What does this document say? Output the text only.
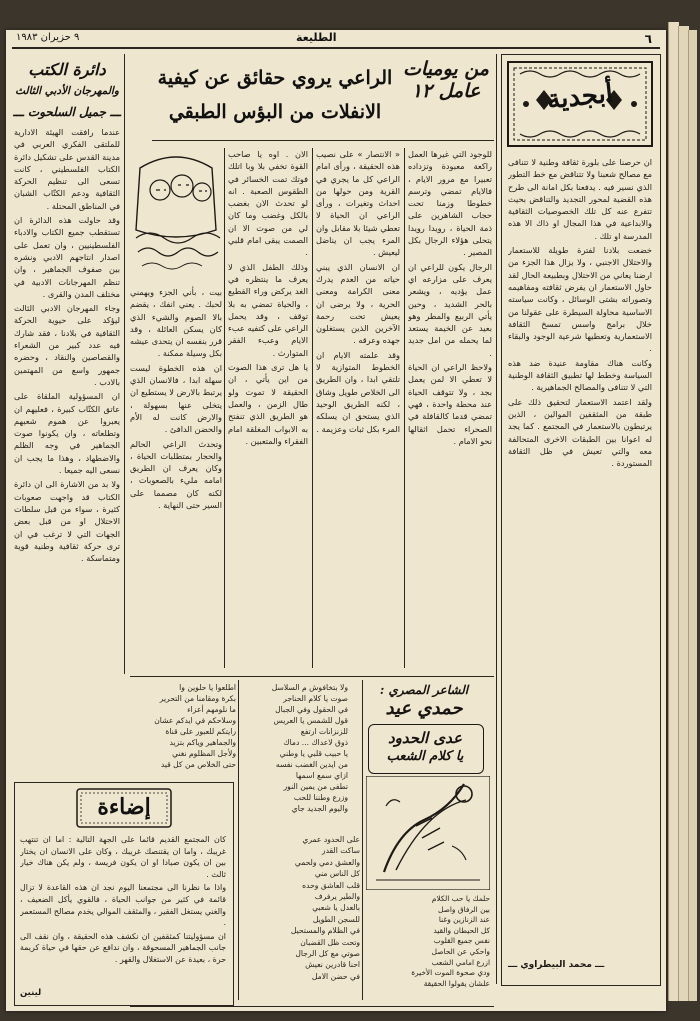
٦
الطليعة
٩ حزيران ١٩٨٣
أبجدية

ان حرصنا على بلورة ثقافة وطنية لا تتنافى مع مصالح شعبنا ولا تتناقض مع خط التطور الذي نسير فيه . يدفعنا بكل امانة الى طرح هذه القضية لمحور التجديد والتناقض بحيث تتفرع عنه كل تلك الخصوصيات الثقافية والابداعية في هذا المجال او ذاك الا هذه المدرسة او تلك .

خضعت بلادنا لفترة طويلة للاستعمار والاحتلال الاجنبي ، ولا يزال هذا الجزء من ارضنا يعاني من الاحتلال وبطبيعة الحال لقد حاول الاستعمار ان يفرض ثقافته ومفاهيمه وتصوراته بشتى الوسائل ، وكانت سياسته الاساسية محاولة السيطرة على عقولنا من خلال برامج واسس تمسخ الثقافة الاستعمارية وتعطيها شرعية الوجود والبقاء .

وكانت هناك مقاومة عنيدة ضد هذه السياسة وخطط لها تطبيق الثقافة الوطنية التي لا تتنافى والمصالح الجماهيرية .

ولقد اعتمد الاستعمار لتحقيق ذلك على طبقة من المثقفين الموالين ، الذين يرتبطون بالاستعمار في المجتمع . كما يجد له اعوانا بين الطبقات الاخرى المتحالفة معه والتي تعيش في ظل الثقافة المستوردة .

ـــ محمد البيطراوي ـــ
من يوميات عامل ١٢
الراعي يروي حقائق عن كيفية
الانفلات من البؤس الطبقي

للوجود التي غيرها العمل راكعة معبودة وتزداده تعبيرا مع مرور الايام ، فالايام تمضي وترسم خطوطا وزمنا تحت حجاب الشاهرين على ذمة الحياة ، رويدا رويدا يتحلى هؤلاء الرجال بكل المصير .

الرجال يكون للراعي ان يعرف على مزارعه اي عمل يؤديه ، ويشعر بالحر الشديد ، وحين يأتي الربيع والمطر وهو بعيد عن الخيمة يستعد لما يحمله من امل جديد .

ولاحظ الراعي ان الحياة لا تعطي الا لمن يعمل بجد ، ولا تتوقف الحياة عند محطة واحدة ، فهي تمضي قدما كالقافلة في الصحراء تحمل اثقالها نحو الامام .

« الانتصار » على نصيب هذه الحقيقة ، ورأى امام الراعي كل ما يجري في القرية ومن حولها من احداث وتغيرات ، ورأى الراعي ان الحياة لا تعطي شيئا بلا مقابل وان المرء يجب ان يناضل ليعيش .

ان الانسان الذي يبني حياته من العدم يدرك معنى الكرامة ومعنى الحرية ، ولا يرضى ان يعيش تحت رحمة الآخرين الذين يستغلون جهده وعرقه .

وقد علمته الايام ان الخطوط المتوازية لا تلتقي ابدا ، وان الطريق الى الخلاص طويل وشاق ، لكنه الطريق الوحيد الذي يستحق ان يسلكه المرء بكل ثبات وعزيمة .

الان . اوه يا صاحب القوة تخفي بلا وبا اتلك فوتك تمت الخسائر في الطقوس الصعبة . انه لو تحدث الان بغضب بالكل وغضب وما كان لي من صوت الا ان الصمت يبقى امام قلبي .

وذلك الطفل الذي لا يعرف ما ينتظره في الغد يركض وراء القطيع ، والحياة تمضي به بلا توقف ، وقد يحمل الراعي على كتفيه عبء الايام وعبء الفقر المتوارث .

يا هل ترى هذا الصوت من اين يأتي ، ان الحقيقة لا تموت ولو طال الزمن ، والعمل هو الطريق الذي تنفتح به الابواب المغلقة امام الفقراء والمتعبين .

بيت ، بأني الجزء ويهمني لحبك . يعني انفك ، يقضم بالا الصوم والشيء الذي كان يسكن العائلة ، وقد قرر بنفسه ان يتحدى عيشه بكل وسيلة ممكنة .

ان هذه الخطوة ليست سهلة ابدا ، فالانسان الذي يرتبط بالارض لا يستطيع ان يتخلى عنها بسهولة ، والارض كانت له الأم والحضن الدافئ .

وتحدث الراعي الحالم والحجار بمتطلبات الحياة ، وكان يعرف ان الطريق امامه مليء بالصعوبات ، لكنه كان مصمما على السير حتى النهاية .

دائرة الكتب
والمهرجان الأدبي الثالث
ـــ جميل السلحوت ـــ

عندما رافقت الهيئة الادارية للملتقى الفكري العربي في مدينة القدس على تشكيل دائرة الكتاب الفلسطيني ، كانت تسعى الى تنظيم الحركة الثقافية ودعم الكتّاب الشبان في المناطق المحتلة .

وقد حاولت هذه الدائرة ان تستقطب جميع الكتاب والادباء الفلسطينيين ، وان تعمل على اصدار انتاجهم الادبي ونشره بين صفوف الجماهير ، وان تنظم المهرجانات الادبية في مختلف المدن والقرى .

وجاء المهرجان الادبي الثالث ليؤكد على حيوية الحركة الثقافية في بلادنا ، فقد شارك فيه عدد كبير من الشعراء والقصاصين والنقاد ، وحضره جمهور واسع من المهتمين بالادب .

ان المسؤولية الملقاة على عاتق الكتّاب كبيرة ، فعليهم ان يعبروا عن هموم شعبهم وتطلعاته ، وان يكونوا صوت الجماهير في وجه الظلم والاضطهاد ، وهذا ما يجب ان نسعى اليه جميعا .

ولا بد من الاشارة الى ان دائرة الكتاب قد واجهت صعوبات كثيرة ، سواء من قبل سلطات الاحتلال او من قبل بعض الجهات التي لا ترغب في ان ترى حركة ثقافية وطنية قوية ومتماسكة .

اطلعوا يا حلوين وا
بكرة ومقامنا من التحرير
ما نلومهم أعزاء
وسلاحكم في ايدكم عشان
رايتكم للعبور على قناة
والجماهير وياكم بتزيد
ولأجل المظلوم نغني
حتى الخلاص من كل قيد
ولا بتخافوش م السلاسل
صوت يا كلام الحناجر
في الحقول وفي الجبال
قول للشمس يا العريس
للزنزانات ارتفع
ذوق لاعداك ... دماك
يا حبيب قلبي يا وطني
من ايدين الغضب نفسه
ازاي سمع اسمها
تطفى من يمين النور
وزرع وطننا للحب
واليوم الجديد جاي
الشاعر المصري :
حمدي عيد
عدى الحدود
يا كلام الشعب
حلمك يا حب الكلام
بين الرفاق واصل
عند الزنازين وغنا
كل الحيطان والقيد
نفس جميع القلوب
واحكي عن الحاصل
ازرع امامي الشعب
ودي صحوة الموت الأخيرة
علشان يقولوا الحقيقة
على الحدود عمري
ساكت القدر
والعشق دمي ولحمي
كل الناس مني
قلب العاشق وحده
والطير يرفرف
بالعدل يا شعبي
للسجن الطويل
في الظلام والمستحيل
وتحت ظل القضبان
صوتي مع كل الرجال
احنا قادرين نعيش
في حضن الامل
إضاءة

كان المجتمع القديم قائما على الجهة التالية : اما ان تنتهب غريبك ، واما ان يقتنصك غريبك ، وكان على الانسان ان يختار بين ان يكون صيادا او ان يكون فريسة ، ولم يكن هناك خيار ثالث .

واذا ما نظرنا الى مجتمعنا اليوم نجد ان هذه القاعدة لا تزال قائمة في كثير من جوانب الحياة ، فالقوي يأكل الضعيف ، والغني يستغل الفقير ، والمثقف الموالي يخدم مصالح المستعمر .

ان مسؤوليتنا كمثقفين ان نكشف هذه الحقيقة ، وان نقف الى جانب الجماهير المسحوقة ، وان ندافع عن حقها في حياة كريمة حرة ، بعيدة عن الاستغلال والقهر .

لينين
